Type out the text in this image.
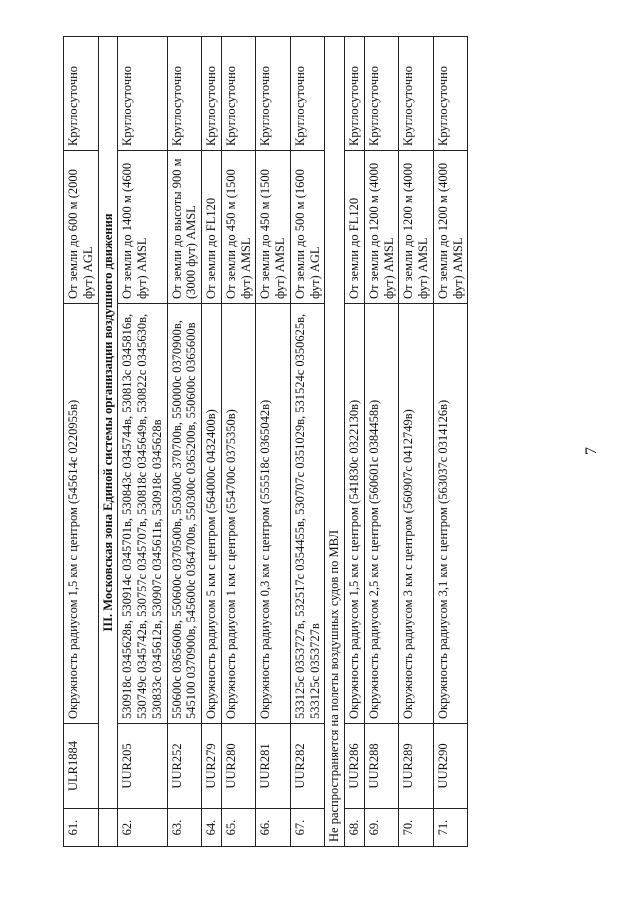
7
61.	ULR1884	Окружность радиусом 1,5 км с центром (545614с 0220955в)	От земли до 600 м (2000 фут) AGL	Круглосуточно
	III. Московская зона Единой системы организации воздушного движения			
62.	UUR205	530918с 0345628в, 530914с 0345701в, 530843с 0345744в, 530813с 0345816в, 530749с 0345742в, 530757с 0345707в, 530818с 0345649в, 530822с 0345630в, 530833с 0345612в, 530907с 0345611в, 530918с 0345628в	От земли до 1400 м (4600 фут) AMSL	Круглосуточно
63.	UUR252	550600с 0365600в, 550600с 0370500в, 550300с 370700в, 550000с 0370900в, 545100 0370900в, 545600с 0364700в, 550300с 0365200в, 550600с 0365600в	От земли до высоты 900 м (3000 фут) AMSL	Круглосуточно
64.	UUR279	Окружность радиусом 5 км с центром (564000с 0432400в)	От земли до FL120	Круглосуточно
65.	UUR280	Окружность радиусом 1 км с центром (554700с 0375350в)	От земли до 450 м (1500 фут) AMSL	Круглосуточно
66.	UUR281	Окружность радиусом 0,3 км с центром (555518с 0365042в)	От земли до 450 м (1500 фут) AMSL	Круглосуточно
67.	UUR282	533125с 0353727в, 532517с 0354455в, 530707с 0351029в, 531524с 0350625в, 533125с 0353727в	От земли до 500 м (1600 фут) AGL	Круглосуточно
Не распространяется на полеты воздушных судов по МВЛ				
68.	UUR286	Окружность радиусом 1,5 км с центром (541830с 0322130в)	От земли до FL120	Круглосуточно
69.	UUR288	Окружность радиусом 2,5 км с центром (560601с 0384458в)	От земли до 1200 м (4000 фут) AMSL	Круглосуточно
70.	UUR289	Окружность радиусом 3 км с центром (560907с 0412749в)	От земли до 1200 м (4000 фут) AMSL	Круглосуточно
71.	UUR290	Окружность радиусом 3,1 км с центром (563037с 0314126в)	От земли до 1200 м (4000 фут) AMSL	Круглосуточно
